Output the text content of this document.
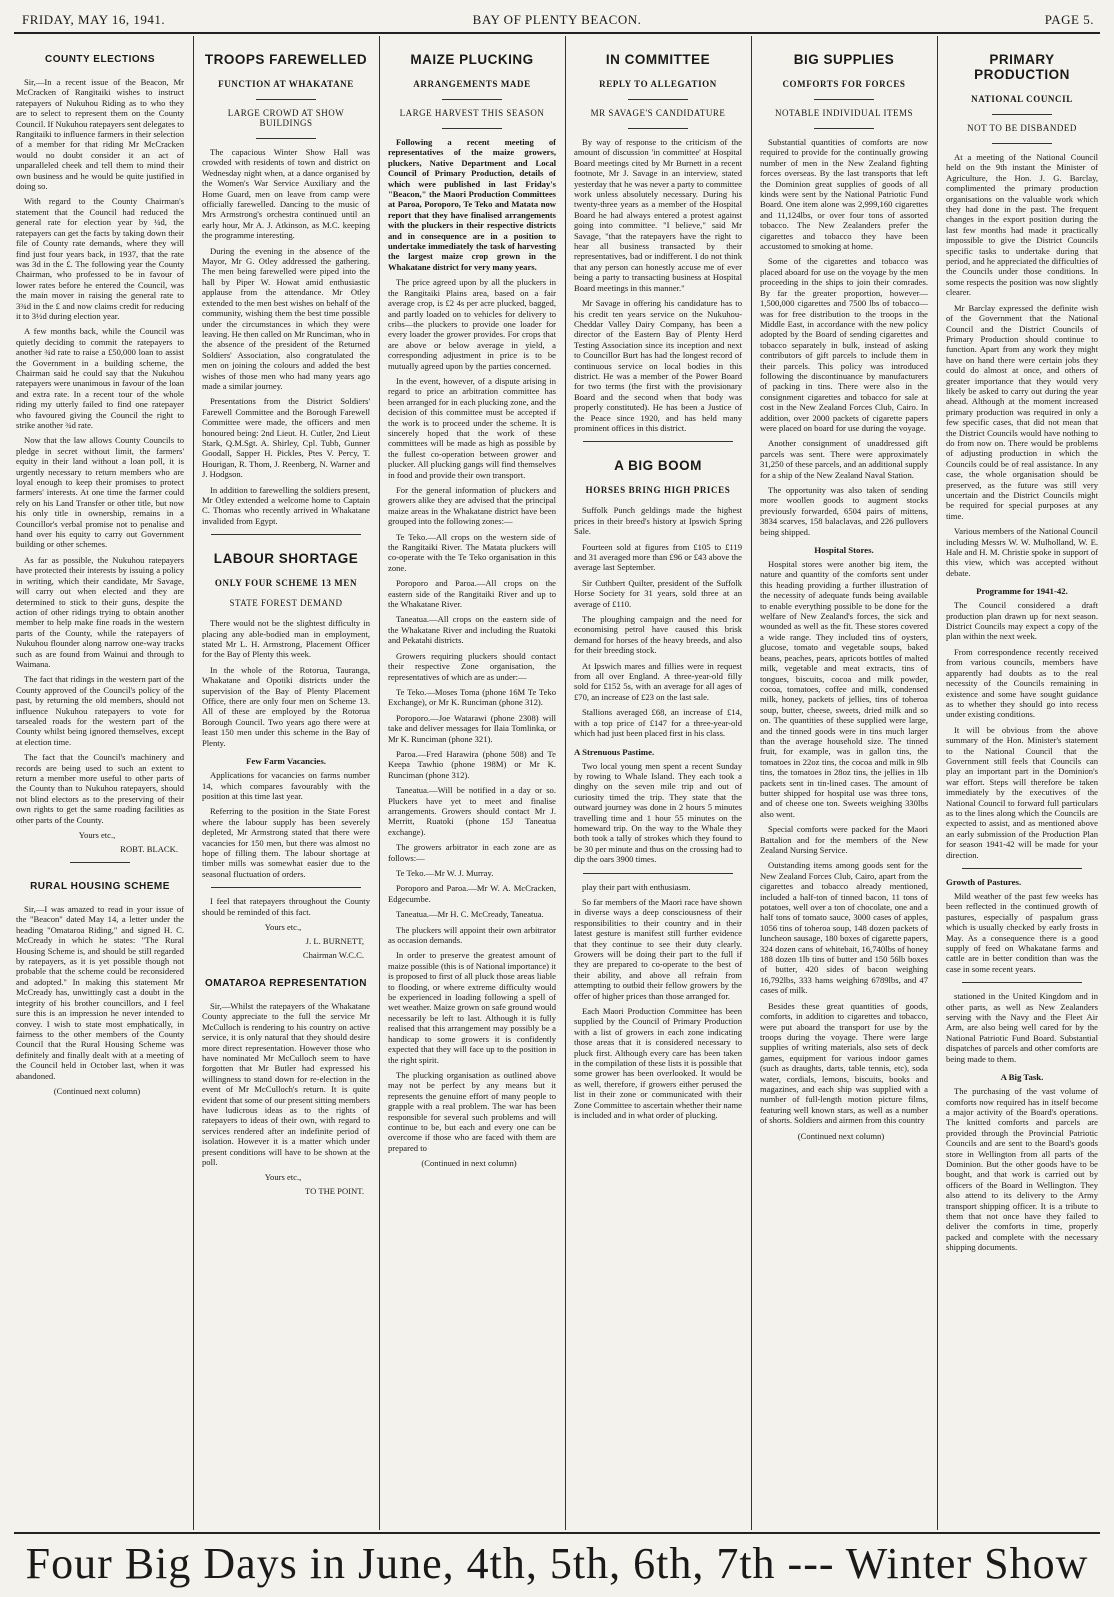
FRIDAY, MAY 16, 1941.	BAY OF PLENTY BEACON.	PAGE 5.
COUNTY ELECTIONS

Sir,—In a recent issue of the Beacon, Mr McCracken of Rangitaiki wishes to instruct ratepayers of Nukuhou Riding as to who they are to select to represent them on the County Council. If Nukuhou ratepayers sent delegates to Rangitaiki to influence farmers in their selection of a member for that riding Mr McCracken would no doubt consider it an act of unparalleled cheek and tell them to mind their own business and he would be quite justified in doing so.

With regard to the County Chairman's statement that the Council had reduced the general rate for election year by ¼d, the ratepayers can get the facts by taking down their file of County rate demands, where they will find just four years back, in 1937, that the rate was 3d in the £. The following year the County Chairman, who professed to be in favour of lower rates before he entered the Council, was the main mover in raising the general rate to 3¾d in the £ and now claims credit for reducing it to 3½d during election year.

A few months back, while the Council was quietly deciding to commit the ratepayers to another ¾d rate to raise a £50,000 loan to assist the Government in a building scheme, the Chairman said he could say that the Nukuhou ratepayers were unanimous in favour of the loan and extra rate. In a recent tour of the whole riding my utterly failed to find one ratepayer who favoured giving the Council the right to strike another ¾d rate.

Now that the law allows County Councils to pledge in secret without limit, the farmers' equity in their land without a loan poll, it is urgently necessary to return members who are loyal enough to keep their promises to protect farmers' interests. At one time the farmer could rely on his Land Transfer or other title, but now his only title in ownership, remains in a Councillor's verbal promise not to penalise and hand over his equity to carry out Government building or other schemes.

As far as possible, the Nukuhou ratepayers have protected their interests by issuing a policy in writing, which their candidate, Mr Savage, will carry out when elected and they are determined to stick to their guns, despite the action of other ridings trying to obtain another member to help make fine roads in the western parts of the County, while the ratepayers of Nukuhou flounder along narrow one-way tracks such as are found from Wainui and through to Waimana.

The fact that ridings in the western part of the County approved of the Council's policy of the past, by returning the old members, should not influence Nukuhou ratepayers to vote for tarsealed roads for the western part of the County whilst being ignored themselves, except at election time.

The fact that the Council's machinery and records are being used to such an extent to return a member more useful to other parts of the County than to Nukuhou ratepayers, should not blind electors as to the preserving of their own rights to get the same roading facilities as other parts of the County.

Yours etc.,
ROBT. BLACK.
RURAL HOUSING SCHEME

Sir,—I was amazed to read in your issue of the "Beacon" dated May 14, a letter under the heading "Omataroa Riding," and signed H. C. McCready in which he states: "The Rural Housing Scheme is, and should be still regarded by ratepayers, as it is yet possible though not probable that the scheme could be reconsidered and adopted." In making this statement Mr McCready has, unwittingly cast a doubt in the integrity of his brother councillors, and I feel sure this is an impression he never intended to convey. I wish to state most emphatically, in fairness to the other members of the County Council that the Rural Housing Scheme was definitely and finally dealt with at a meeting of the Council held in October last, when it was abandoned.

(Continued next column)
TROOPS FAREWELLED
FUNCTION AT WHAKATANE
LARGE CROWD AT SHOW BUILDINGS

The capacious Winter Show Hall was crowded with residents of town and district on Wednesday night when, at a dance organised by the Women's War Service Auxiliary and the Home Guard, men on leave from camp were officially farewelled. Dancing to the music of Mrs Armstrong's orchestra continued until an early hour, Mr A. J. Atkinson, as M.C. keeping the programme interesting.

During the evening in the absence of the Mayor, Mr G. Otley addressed the gathering. The men being farewelled were piped into the hall by Piper W. Howat amid enthusiastic applause from the attendance. Mr Otley extended to the men best wishes on behalf of the community, wishing them the best time possible under the circumstances in which they were leaving. He then called on Mr Runciman, who in the absence of the president of the Returned Soldiers' Association, also congratulated the men on joining the colours and added the best wishes of those men who had many years ago made a similar journey.

Presentations from the District Soldiers' Farewell Committee and the Borough Farewell Committee were made, the officers and men honoured being: 2nd Lieut. H. Cutler, 2nd Lieut Stark, Q.M.Sgt. A. Shirley, Cpl. Tubb, Gunner Goodall, Sapper H. Pickles, Ptes V. Percy, T. Hourigan, R. Thom, J. Reenberg, N. Warner and J. Hodgson.

In addition to farewelling the soldiers present, Mr Otley extended a welcome home to Captain C. Thomas who recently arrived in Whakatane invalided from Egypt.

LABOUR SHORTAGE
ONLY FOUR SCHEME 13 MEN
STATE FOREST DEMAND

There would not be the slightest difficulty in placing any able-bodied man in employment, stated Mr L. H. Armstrong, Placement Officer for the Bay of Plenty this week.

In the whole of the Rotorua, Tauranga, Whakatane and Opotiki districts under the supervision of the Bay of Plenty Placement Office, there are only four men on Scheme 13. All of these are employed by the Rotorua Borough Council. Two years ago there were at least 150 men under this scheme in the Bay of Plenty.

Few Farm Vacancies.

Applications for vacancies on farms number 14, which compares favourably with the position at this time last year.

Referring to the position in the State Forest where the labour supply has been severely depleted, Mr Armstrong stated that there were vacancies for 150 men, but there was almost no hope of filling them. The labour shortage at timber mills was somewhat easier due to the seasonal fluctuation of orders.

I feel that ratepayers throughout the County should be reminded of this fact.

Yours etc.,
J. L. BURNETT,
Chairman W.C.C.
OMATAROA REPRESENTATION

Sir,—Whilst the ratepayers of the Whakatane County appreciate to the full the service Mr McCulloch is rendering to his country on active service, it is only natural that they should desire more direct representation. However those who have nominated Mr McCulloch seem to have forgotten that Mr Butler had expressed his willingness to stand down for re-election in the event of Mr McCulloch's return. It is quite evident that some of our present sitting members have ludicrous ideas as to the rights of ratepayers to ideas of their own, with regard to services rendered after an indefinite period of isolation. However it is a matter which under present conditions will have to be shown at the poll.

Yours etc.,
TO THE POINT.
MAIZE PLUCKING
ARRANGEMENTS MADE
LARGE HARVEST THIS SEASON

Following a recent meeting of representatives of the maize growers, pluckers, Native Department and Local Council of Primary Production, details of which were published in last Friday's "Beacon," the Maori Production Committees at Paroa, Poroporo, Te Teko and Matata now report that they have finalised arrangements with the pluckers in their respective districts and in consequence are in a position to undertake immediately the task of harvesting the largest maize crop grown in the Whakatane district for very many years.

The price agreed upon by all the pluckers in the Rangitaiki Plains area, based on a fair average crop, is £2 4s per acre plucked, bagged, and partly loaded on to vehicles for delivery to cribs—the pluckers to provide one loader for every loader the grower provides. For crops that are above or below average in yield, a corresponding adjustment in price is to be mutually agreed upon by the parties concerned.

In the event, however, of a dispute arising in regard to price an arbitration committee has been arranged for in each plucking zone, and the decision of this committee must be accepted if the work is to proceed under the scheme. It is sincerely hoped that the work of these committees will be made as high as possible by the fullest co-operation between grower and plucker. All plucking gangs will find themselves in food and provide their own transport.

For the general information of pluckers and growers alike they are advised that the principal maize areas in the Whakatane district have been grouped into the following zones:—

Te Teko.—All crops on the western side of the Rangitaiki River. The Matata pluckers will co-operate with the Te Teko organisation in this zone.

Poroporo and Paroa.—All crops on the eastern side of the Rangitaiki River and up to the Whakatane River.

Taneatua.—All crops on the eastern side of the Whakatane River and including the Ruatoki and Pekatahi districts.

Growers requiring pluckers should contact their respective Zone organisation, the representatives of which are as under:—

Te Teko.—Moses Toma (phone 16M Te Teko Exchange), or Mr K. Runciman (phone 312).

Poroporo.—Joe Watarawi (phone 2308) will take and deliver messages for Ilaia Tomlinka, or Mr K. Runciman (phone 321).

Paroa.—Fred Harawira (phone 508) and Te Keepa Tawhio (phone 198M) or Mr K. Runciman (phone 312).

Taneatua.—Will be notified in a day or so. Pluckers have yet to meet and finalise arrangements. Growers should contact Mr J. Merritt, Ruatoki (phone 15J Taneatua exchange).

The growers arbitrator in each zone are as follows:—

Te Teko.—Mr W. J. Murray.

Poroporo and Paroa.—Mr W. A. McCracken, Edgecumbe.

Taneatua.—Mr H. C. McCready, Taneatua.

The pluckers will appoint their own arbitrator as occasion demands.

In order to preserve the greatest amount of maize possible (this is of National importance) it is proposed to first of all pluck those areas liable to flooding, or where extreme difficulty would be experienced in loading following a spell of wet weather. Maize grown on safe ground would necessarily be left to last. Although it is fully realised that this arrangement may possibly be a handicap to some growers it is confidently expected that they will face up to the position in the right spirit.

The plucking organisation as outlined above may not be perfect by any means but it represents the genuine effort of many people to grapple with a real problem. The war has been responsible for several such problems and will continue to be, but each and every one can be overcome if those who are faced with them are prepared to

(Continued in next column)
IN COMMITTEE
REPLY TO ALLEGATION
MR SAVAGE'S CANDIDATURE

By way of response to the criticism of the amount of discussion 'in committee' at Hospital Board meetings cited by Mr Burnett in a recent footnote, Mr J. Savage in an interview, stated yesterday that he was never a party to committee work unless absolutely necessary. During his twenty-three years as a member of the Hospital Board he had always entered a protest against going into committee. "I believe," said Mr Savage, "that the ratepayers have the right to hear all business transacted by their representatives, bad or indifferent. I do not think that any person can honestly accuse me of ever being a party to transacting business at Hospital Board meetings in this manner."

Mr Savage in offering his candidature has to his credit ten years service on the Nukuhou-Cheddar Valley Dairy Company, has been a director of the Eastern Bay of Plenty Herd Testing Association since its inception and next to Councillor Burt has had the longest record of continuous service on local bodies in this district. He was a member of the Power Board for two terms (the first with the provisionary Board and the second when that body was properly constituted). He has been a Justice of the Peace since 1920, and has held many prominent offices in this district.

A BIG BOOM
HORSES BRING HIGH PRICES

Suffolk Punch geldings made the highest prices in their breed's history at Ipswich Spring Sale.

Fourteen sold at figures from £105 to £119 and 31 averaged more than £96 or £43 above the average last September.

Sir Cuthbert Quilter, president of the Suffolk Horse Society for 31 years, sold three at an average of £110.

The ploughing campaign and the need for economising petrol have caused this brisk demand for horses of the heavy breeds, and also for their breeding stock.

At Ipswich mares and fillies were in request from all over England. A three-year-old filly sold for £152 5s, with an average for all ages of £70, an increase of £23 on the last sale.

Stallions averaged £68, an increase of £14, with a top price of £147 for a three-year-old which had just been placed first in his class.

A Strenuous Pastime.

Two local young men spent a recent Sunday by rowing to Whale Island. They each took a dinghy on the seven mile trip and out of curiosity timed the trip. They state that the outward journey was done in 2 hours 5 minutes travelling time and 1 hour 55 minutes on the homeward trip. On the way to the Whale they both took a tally of strokes which they found to be 30 per minute and thus on the crossing had to dip the oars 3900 times.

play their part with enthusiasm.

So far members of the Maori race have shown in diverse ways a deep consciousness of their responsibilities to their country and in their latest gesture is manifest still further evidence that they continue to see their duty clearly. Growers will be doing their part to the full if they are prepared to co-operate to the best of their ability, and above all refrain from attempting to outbid their fellow growers by the offer of higher prices than those arranged for.

Each Maori Production Committee has been supplied by the Council of Primary Production with a list of growers in each zone indicating those areas that it is considered necessary to pluck first. Although every care has been taken in the compilation of these lists it is possible that some grower has been overlooked. It would be as well, therefore, if growers either perused the list in their zone or communicated with their Zone Committee to ascertain whether their name is included and in what order of plucking.

BIG SUPPLIES
COMFORTS FOR FORCES
NOTABLE INDIVIDUAL ITEMS

Substantial quantities of comforts are now required to provide for the continually growing number of men in the New Zealand fighting forces overseas. By the last transports that left the Dominion great supplies of goods of all kinds were sent by the National Patriotic Fund Board. One item alone was 2,999,160 cigarettes and 11,124lbs, or over four tons of assorted tobacco. The New Zealanders prefer the cigarettes and tobacco they have been accustomed to smoking at home.

Some of the cigarettes and tobacco was placed aboard for use on the voyage by the men proceeding in the ships to join their comrades. By far the greater proportion, however—1,500,000 cigarettes and 7500 lbs of tobacco—was for free distribution to the troops in the Middle East, in accordance with the new policy adopted by the Board of sending cigarettes and tobacco separately in bulk, instead of asking contributors of gift parcels to include them in their parcels. This policy was introduced following the discontinuance by manufacturers of packing in tins. There were also in the consignment cigarettes and tobacco for sale at cost in the New Zealand Forces Club, Cairo. In addition, over 2000 packets of cigarette papers were placed on board for use during the voyage.

Another consignment of unaddressed gift parcels was sent. There were approximately 31,250 of these parcels, and an additional supply for a ship of the New Zealand Naval Station.

The opportunity was also taken of sending more woollen goods to augment stocks previously forwarded, 6504 pairs of mittens, 3834 scarves, 158 balaclavas, and 226 pullovers being shipped.

Hospital Stores.

Hospital stores were another big item, the nature and quantity of the comforts sent under this heading providing a further illustration of the necessity of adequate funds being available to enable everything possible to be done for the welfare of New Zealand's forces, the sick and wounded as well as the fit. These stores covered a wide range. They included tins of oysters, glucose, tomato and vegetable soups, baked beans, peaches, pears, apricots bottles of malted milk, vegetable and meat extracts, tins of tongues, biscuits, cocoa and milk powder, cocoa, tomatoes, coffee and milk, condensed milk, honey, packets of jellies, tins of toheroa soup, butter, cheese, sweets, dried milk and so on. The quantities of these supplied were large, and the tinned goods were in tins much larger than the average household size. The tinned fruit, for example, was in gallon tins, the tomatoes in 22oz tins, the cocoa and milk in 9lb tins, the tomatoes in 28oz tins, the jellies in 1lb packets sent in tin-lined cases. The amount of butter shipped for hospital use was three tons, and of cheese one ton. Sweets weighing 330lbs also went.

Special comforts were packed for the Maori Battalion and for the members of the New Zealand Nursing Service.

Outstanding items among goods sent for the New Zealand Forces Club, Cairo, apart from the cigarettes and tobacco already mentioned, included a half-ton of tinned bacon, 11 tons of potatoes, well over a ton of chocolate, one and a half tons of tomato sauce, 3000 cases of apples, 1056 tins of toheroa soup, 148 dozen packets of luncheon sausage, 180 boxes of cigarette papers, 324 dozen cans of whitebait, 16,740lbs of honey 188 dozen 1lb tins of butter and 150 56lb boxes of butter, 420 sides of bacon weighing 16,792lbs, 333 hams weighing 6789lbs, and 47 cases of milk.

Besides these great quantities of goods, comforts, in addition to cigarettes and tobacco, were put aboard the transport for use by the troops during the voyage. There were large supplies of writing materials, also sets of deck games, equipment for various indoor games (such as draughts, darts, table tennis, etc), soda water, cordials, lemons, biscuits, books and magazines, and each ship was supplied with a number of full-length motion picture films, featuring well known stars, as well as a number of shorts. Soldiers and airmen from this country

(Continued next column)
PRIMARY PRODUCTION
NATIONAL COUNCIL
NOT TO BE DISBANDED

At a meeting of the National Council held on the 9th instant the Minister of Agriculture, the Hon. J. G. Barclay, complimented the primary production organisations on the valuable work which they had done in the past. The frequent changes in the export position during the last few months had made it practically impossible to give the District Councils specific tasks to undertake during that period, and he appreciated the difficulties of the Councils under those conditions. In some respects the position was now slightly clearer.

Mr Barclay expressed the definite wish of the Government that the National Council and the District Councils of Primary Production should continue to function. Apart from any work they might have on hand there were certain jobs they could do almost at once, and others of greater importance that they would very likely be asked to carry out during the year ahead. Although at the moment increased primary production was required in only a few specific cases, that did not mean that the District Councils would have nothing to do from now on. There would be problems of adjusting production in which the Councils could be of real assistance. In any case, the whole organisation should be preserved, as the future was still very uncertain and the District Councils might be required for special purposes at any time.

Various members of the National Council including Messrs W. W. Mulholland, W. E. Hale and H. M. Christie spoke in support of this view, which was accepted without debate.

Programme for 1941-42.

The Council considered a draft production plan drawn up for next season. District Councils may expect a copy of the plan within the next week.

From correspondence recently received from various councils, members have apparently had doubts as to the real necessity of the Councils remaining in existence and some have sought guidance as to whether they should go into recess under existing conditions.

It will be obvious from the above summary of the Hon. Minister's statement to the National Council that the Government still feels that Councils can play an important part in the Dominion's war effort. Steps will therefore be taken immediately by the executives of the National Council to forward full particulars as to the lines along which the Councils are expected to assist, and as mentioned above an early submission of the Production Plan for season 1941-42 will be made for your direction.

Growth of Pastures.

Mild weather of the past few weeks has been reflected in the continued growth of pastures, especially of paspalum grass which is usually checked by early frosts in May. As a consequence there is a good supply of feed on Whakatane farms and cattle are in better condition than was the case in some recent years.

stationed in the United Kingdom and in other parts, as well as New Zealanders serving with the Navy and the Fleet Air Arm, are also being well cared for by the National Patriotic Fund Board. Substantial dispatches of parcels and other comforts are being made to them.

A Big Task.

The purchasing of the vast volume of comforts now required has in itself become a major activity of the Board's operations. The knitted comforts and parcels are provided through the Provincial Patriotic Councils and are sent to the Board's goods store in Wellington from all parts of the Dominion. But the other goods have to be bought, and that work is carried out by officers of the Board in Wellington. They also attend to its delivery to the Army transport shipping officer. It is a tribute to them that not once have they failed to deliver the comforts in time, properly packed and complete with the necessary shipping documents.

Four Big Days in June, 4th, 5th, 6th, 7th --- Winter Show
